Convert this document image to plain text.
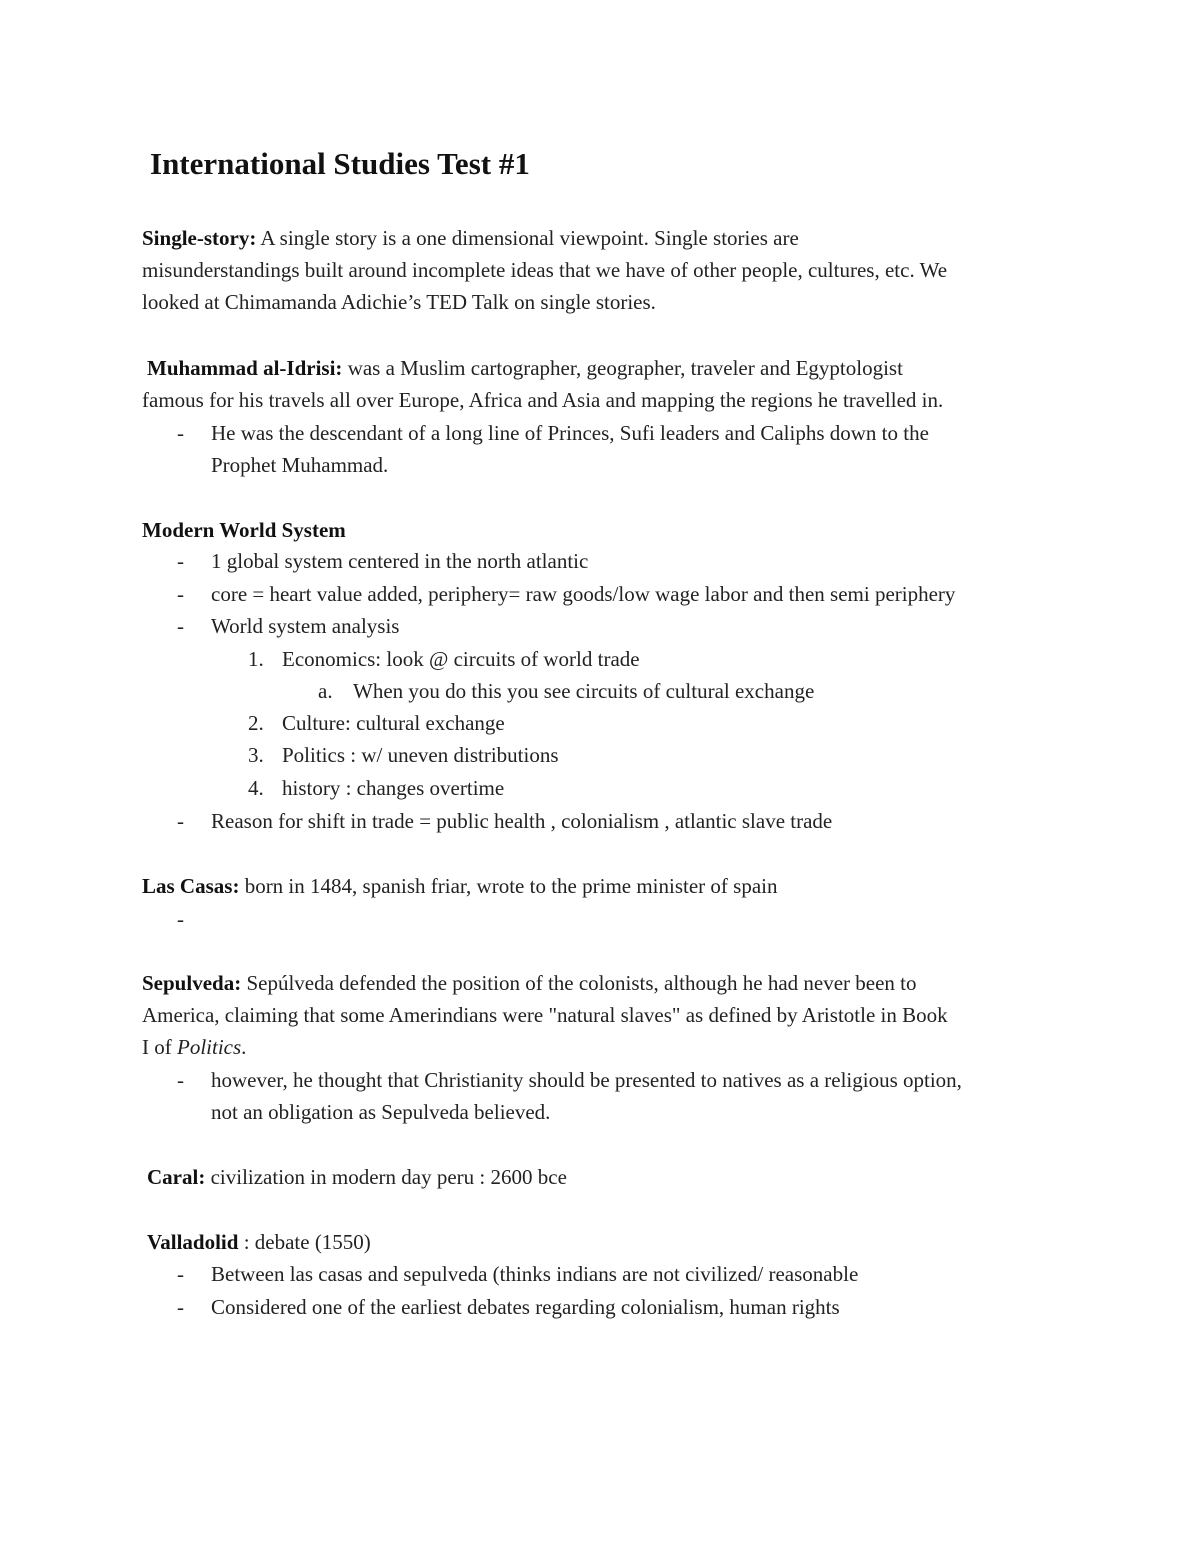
International Studies Test #1
Single-story: A single story is a one dimensional viewpoint. Single stories are
misunderstandings built around incomplete ideas that we have of other people, cultures, etc. We
looked at Chimamanda Adichie’s TED Talk on single stories.
Muhammad al-Idrisi: was a Muslim cartographer, geographer, traveler and Egyptologist
famous for his travels all over Europe, Africa and Asia and mapping the regions he travelled in.
- He was the descendant of a long line of Princes, Sufi leaders and Caliphs down to the
Prophet Muhammad.
Modern World System
- 1 global system centered in the north atlantic
- core = heart value added, periphery= raw goods/low wage labor and then semi periphery
- World system analysis
1. Economics: look @ circuits of world trade
a. When you do this you see circuits of cultural exchange
2. Culture: cultural exchange
3. Politics : w/ uneven distributions
4. history : changes overtime
- Reason for shift in trade = public health , colonialism , atlantic slave trade
Las Casas: born in 1484, spanish friar, wrote to the prime minister of spain
-
Sepulveda: Sepúlveda defended the position of the colonists, although he had never been to
America, claiming that some Amerindians were "natural slaves" as defined by Aristotle in Book
I of Politics.
- however, he thought that Christianity should be presented to natives as a religious option,
not an obligation as Sepulveda believed.
Caral: civilization in modern day peru : 2600 bce
Valladolid : debate (1550)
- Between las casas and sepulveda (thinks indians are not civilized/ reasonable
- Considered one of the earliest debates regarding colonialism, human rights
